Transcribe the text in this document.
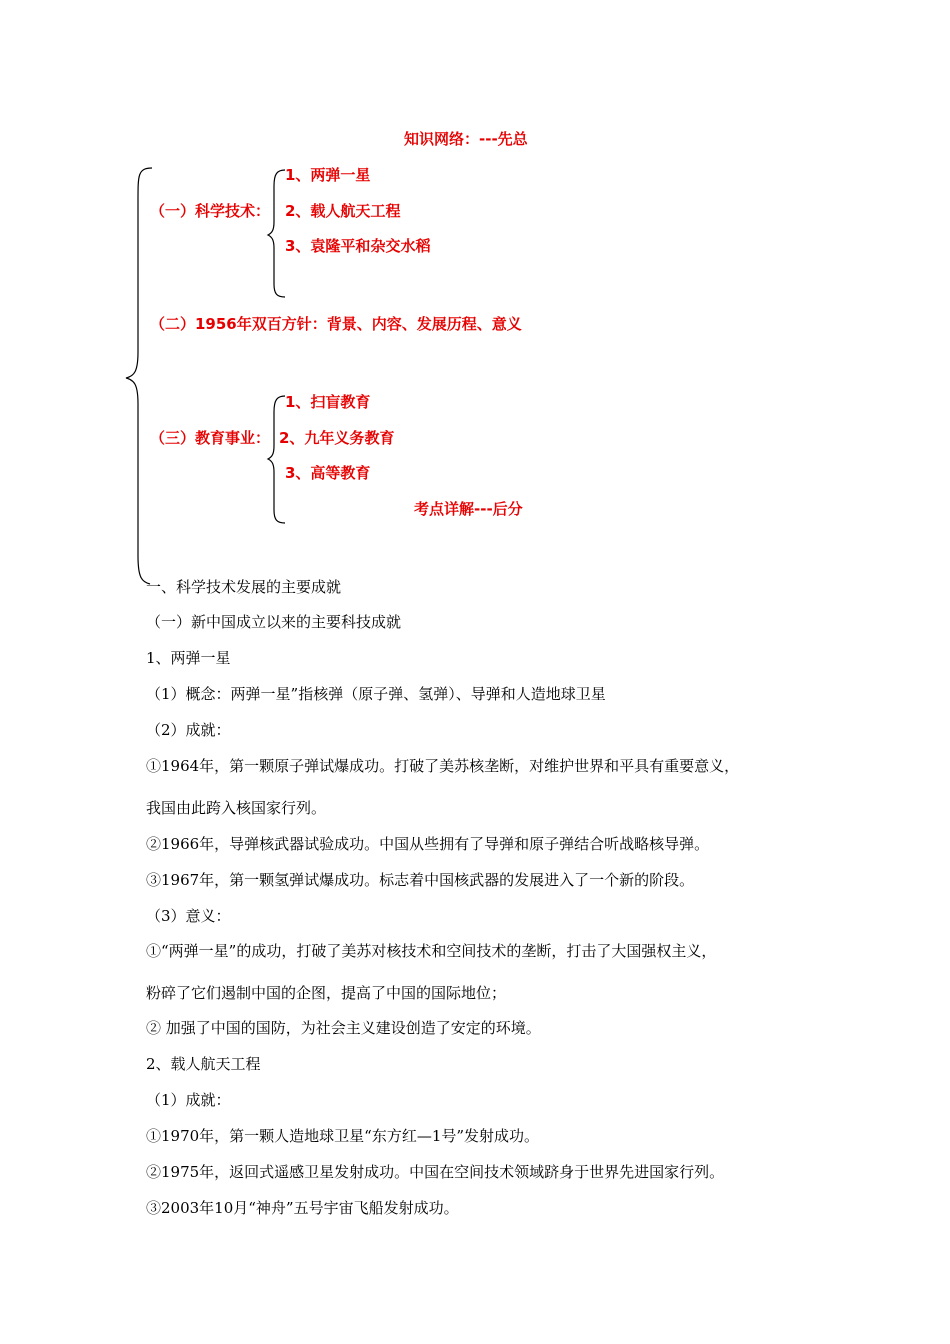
知识网络：---先总
（一）科学技术：
1、两弹一星
2、载人航天工程
3、袁隆平和杂交水稻
（二）1956年双百方针：背景、内容、发展历程、意义
（三）教育事业：
1、扫盲教育
2、九年义务教育
3、高等教育
考点详解---后分
一、科学技术发展的主要成就
（一）新中国成立以来的主要科技成就
1、两弹一星
（1）概念：两弹一星”指核弹（原子弹、氢弹）、导弹和人造地球卫星
（2）成就：
①1964年，第一颗原子弹试爆成功。打破了美苏核垄断，对维护世界和平具有重要意义，
我国由此跨入核国家行列。
②1966年，导弹核武器试验成功。中国从些拥有了导弹和原子弹结合听战略核导弹。
③1967年，第一颗氢弹试爆成功。标志着中国核武器的发展进入了一个新的阶段。
（3）意义：
①“两弹一星”的成功，打破了美苏对核技术和空间技术的垄断，打击了大国强权主义，
粉碎了它们遏制中国的企图，提高了中国的国际地位；
② 加强了中国的国防，为社会主义建设创造了安定的环境。
2、载人航天工程
（1）成就：
①1970年，第一颗人造地球卫星“东方红—1号”发射成功。
②1975年，返回式遥感卫星发射成功。中国在空间技术领域跻身于世界先进国家行列。
③2003年10月“神舟”五号宇宙飞船发射成功。
